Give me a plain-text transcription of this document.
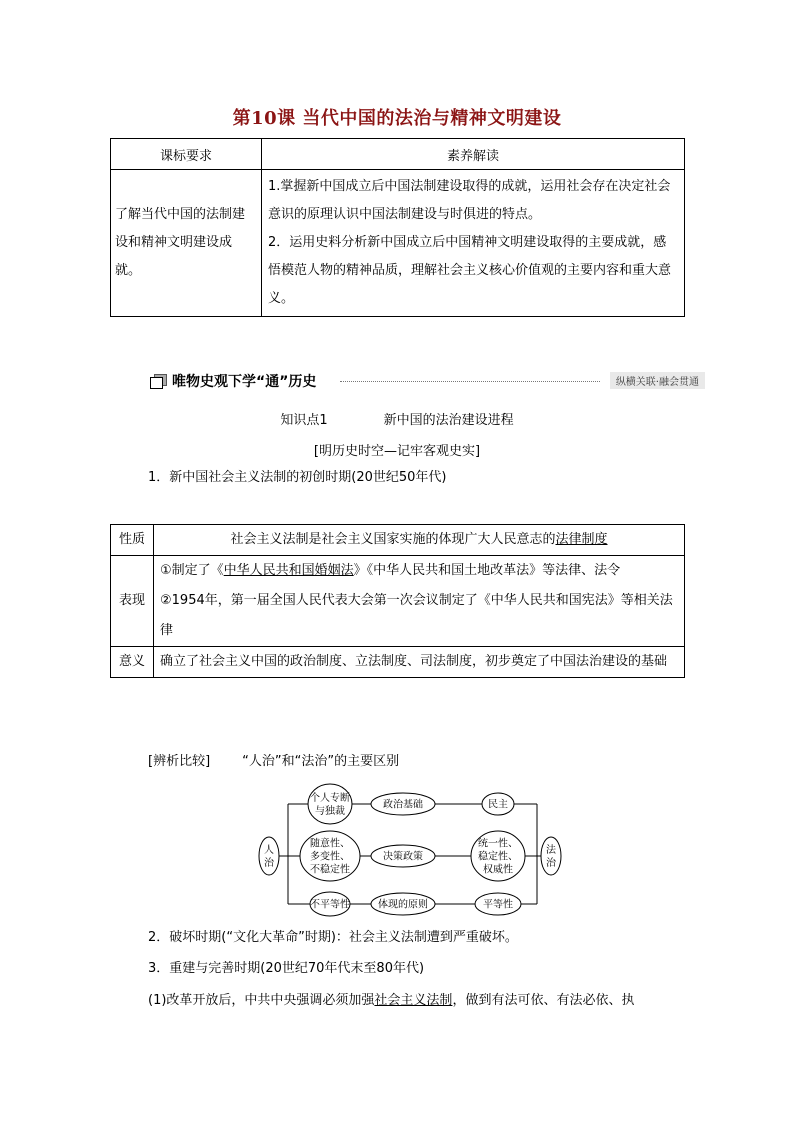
第10课 当代中国的法治与精神文明建设
课标要求	素养解读
了解当代中国的法制建设和精神文明建设成就。	1.掌握新中国成立后中国法制建设取得的成就，运用社会存在决定社会意识的原理认识中国法制建设与时俱进的特点。
2．运用史料分析新中国成立后中国精神文明建设取得的主要成就，感悟模范人物的精神品质，理解社会主义核心价值观的主要内容和重大意义。
唯物史观下学“通”历史	纵横关联·融会贯通
知识点1	新中国的法治建设进程
[明历史时空—记牢客观史实]
1．新中国社会主义法制的初创时期(20世纪50年代)
性质	社会主义法制是社会主义国家实施的体现广大人民意志的法律制度
表现	①制定了《中华人民共和国婚姻法》《中华人民共和国土地改革法》等法律、法令
②1954年，第一届全国人民代表大会第一次会议制定了《中华人民共和国宪法》等相关法律

意义	确立了社会主义中国的政治制度、立法制度、司法制度，初步奠定了中国法治建设的基础
[辨析比较] “人治”和“法治”的主要区别
人
治
法
治
个人专断
与独裁
政治基础	民主
随意性、
多变性、
不稳定性
决策政策
统一性、
稳定性、
权威性
不平等性	体现的原则	平等性
2．破坏时期(“文化大革命”时期)：社会主义法制遭到严重破坏。
3．重建与完善时期(20世纪70年代末至80年代)
(1)改革开放后，中共中央强调必须加强社会主义法制，做到有法可依、有法必依、执
